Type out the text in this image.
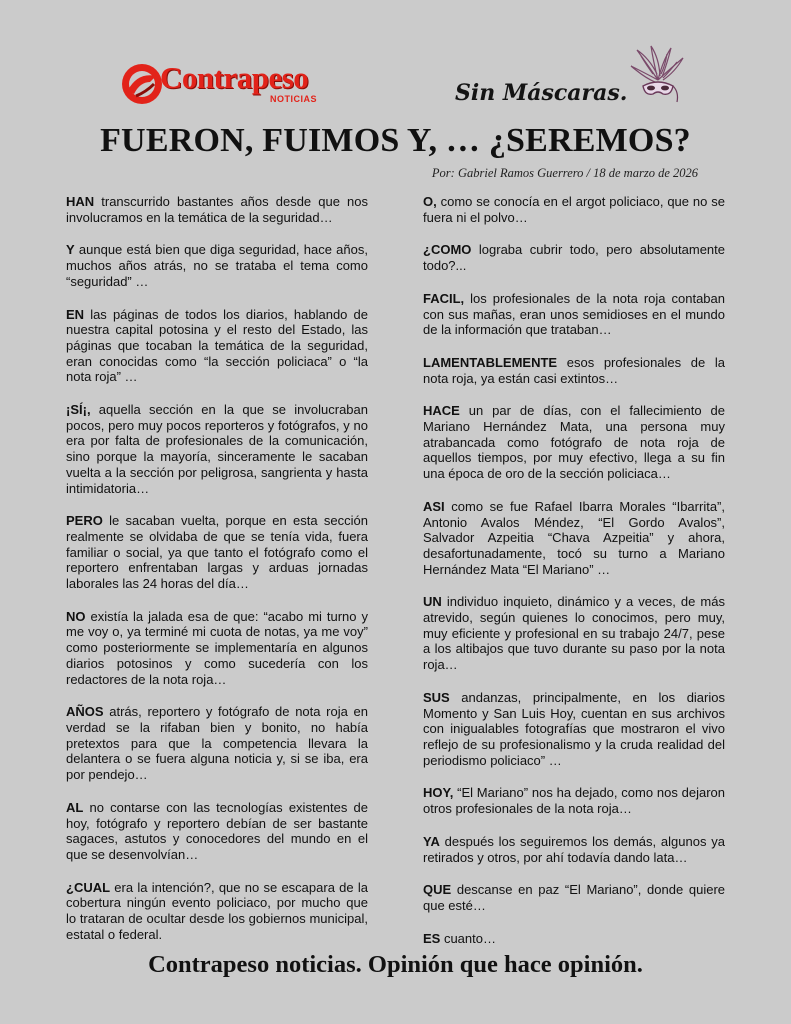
Contrapeso
NOTICIAS	Sin Máscaras.
FUERON, FUIMOS Y, … ¿SEREMOS?
Por: Gabriel Ramos Guerrero / 18 de marzo de 2026

HAN transcurrido bastantes años desde que nos involucramos en la temática de la seguridad…

Y aunque está bien que diga seguridad, hace años, muchos años atrás, no se trataba el tema como “seguridad” …

EN las páginas de todos los diarios, hablando de nuestra capital potosina y el resto del Estado, las páginas que tocaban la temática de la seguridad, eran conocidas como “la sección policiaca” o “la nota roja” …

¡SÍ¡, aquella sección en la que se involucraban pocos, pero muy pocos reporteros y fotógrafos, y no era por falta de profesionales de la comunicación, sino porque la mayoría, sinceramente le sacaban vuelta a la sección por peligrosa, sangrienta y hasta intimidatoria…

PERO le sacaban vuelta, porque en esta sección realmente se olvidaba de que se tenía vida, fuera familiar o social, ya que tanto el fotógrafo como el reportero enfrentaban largas y arduas jornadas laborales las 24 horas del día…

NO existía la jalada esa de que: “acabo mi turno y me voy o, ya terminé mi cuota de notas, ya me voy” como posteriormente se implementaría en algunos diarios potosinos y como sucedería con los redactores de la nota roja…

AÑOS atrás, reportero y fotógrafo de nota roja en verdad se la rifaban bien y bonito, no había pretextos para que la competencia llevara la delantera o se fuera alguna noticia y, si se iba, era por pendejo…

AL no contarse con las tecnologías existentes de hoy, fotógrafo y reportero debían de ser bastante sagaces, astutos y conocedores del mundo en el que se desenvolvían…

¿CUAL era la intención?, que no se escapara de la cobertura ningún evento policiaco, por mucho que lo trataran de ocultar desde los gobiernos municipal, estatal o federal.

O, como se conocía en el argot policiaco, que no se fuera ni el polvo…

¿COMO lograba cubrir todo, pero absolutamente todo?...

FACIL, los profesionales de la nota roja contaban con sus mañas, eran unos semidioses en el mundo de la información que trataban…

LAMENTABLEMENTE esos profesionales de la nota roja, ya están casi extintos…

HACE un par de días, con el fallecimiento de Mariano Hernández Mata, una persona muy atrabancada como fotógrafo de nota roja de aquellos tiempos, por muy efectivo, llega a su fin una época de oro de la sección policiaca…

ASI como se fue Rafael Ibarra Morales “Ibarrita”, Antonio Avalos Méndez, “El Gordo Avalos”, Salvador Azpeitia “Chava Azpeitia” y ahora, desafortunadamente, tocó su turno a Mariano Hernández Mata “El Mariano” …

UN individuo inquieto, dinámico y a veces, de más atrevido, según quienes lo conocimos, pero muy, muy eficiente y profesional en su trabajo 24/7, pese a los altibajos que tuvo durante su paso por la nota roja…

SUS andanzas, principalmente, en los diarios Momento y San Luis Hoy, cuentan en sus archivos con inigualables fotografías que mostraron el vivo reflejo de su profesionalismo y la cruda realidad del periodismo policiaco” …

HOY, “El Mariano” nos ha dejado, como nos dejaron otros profesionales de la nota roja…

YA después los seguiremos los demás, algunos ya retirados y otros, por ahí todavía dando lata…

QUE descanse en paz “El Mariano”, donde quiere que esté…

ES cuanto…

Contrapeso noticias. Opinión que hace opinión.
